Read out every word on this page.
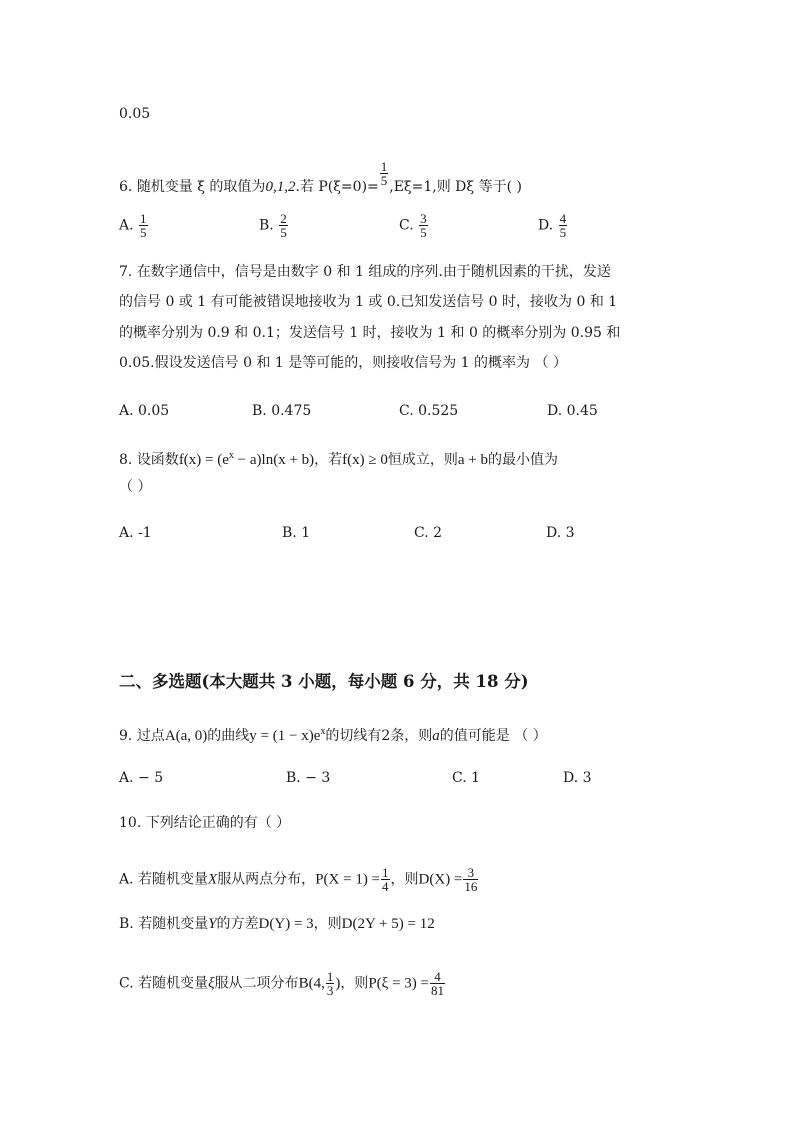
0.05
6. 随机变量 ξ 的取值为0,1,2.若 $P(\xi=0)= \frac{1}{5} ,E\xi=1$,则 Dξ 等于( )
A. $\frac{1}{5}$	B. $\frac{2}{5}$	C. $\frac{3}{5}$	D. $\frac{4}{5}$
7. 在数字通信中，信号是由数字 0 和 1 组成的序列.由于随机因素的干扰，发送
的信号 0 或 1 有可能被错误地接收为 1 或 0.已知发送信号 0 时，接收为 0 和 1
的概率分别为 0.9 和 0.1；发送信号 1 时，接收为 1 和 0 的概率分别为 0.95 和
0.05.假设发送信号 0 和 1 是等可能的，则接收信号为 1 的概率为 （ ）
A. 0.05	B. 0.475	C. 0.525	D. 0.45
8. 设函数$f(x) = (e^x - a)\ln(x + b)$，若f(x) ≥ 0恒成立，则a + b的最小值为
（ ）
A. -1	B. 1	C. 2	D. 3
二、多选题(本大题共 3 小题，每小题 6 分，共 18 分)
9. 过点A(a, 0)的曲线$y = (1 - x)e^x$的切线有2条，则a的值可能是 （ ）
A. − 5	B. − 3	C. 1	D. 3
10. 下列结论正确的有（ ）
A. 若随机变量X服从两点分布，$P(X = 1) = \frac{1}{4}$ ，则$D(X) = \frac{3}{16}$
B. 若随机变量Y的方差D(Y) = 3，则D(2Y + 5) = 12
C. 若随机变量ξ服从二项分布B(4, $\frac{1}{3}$ )，则$P(\xi = 3) = \frac{4}{81}$
